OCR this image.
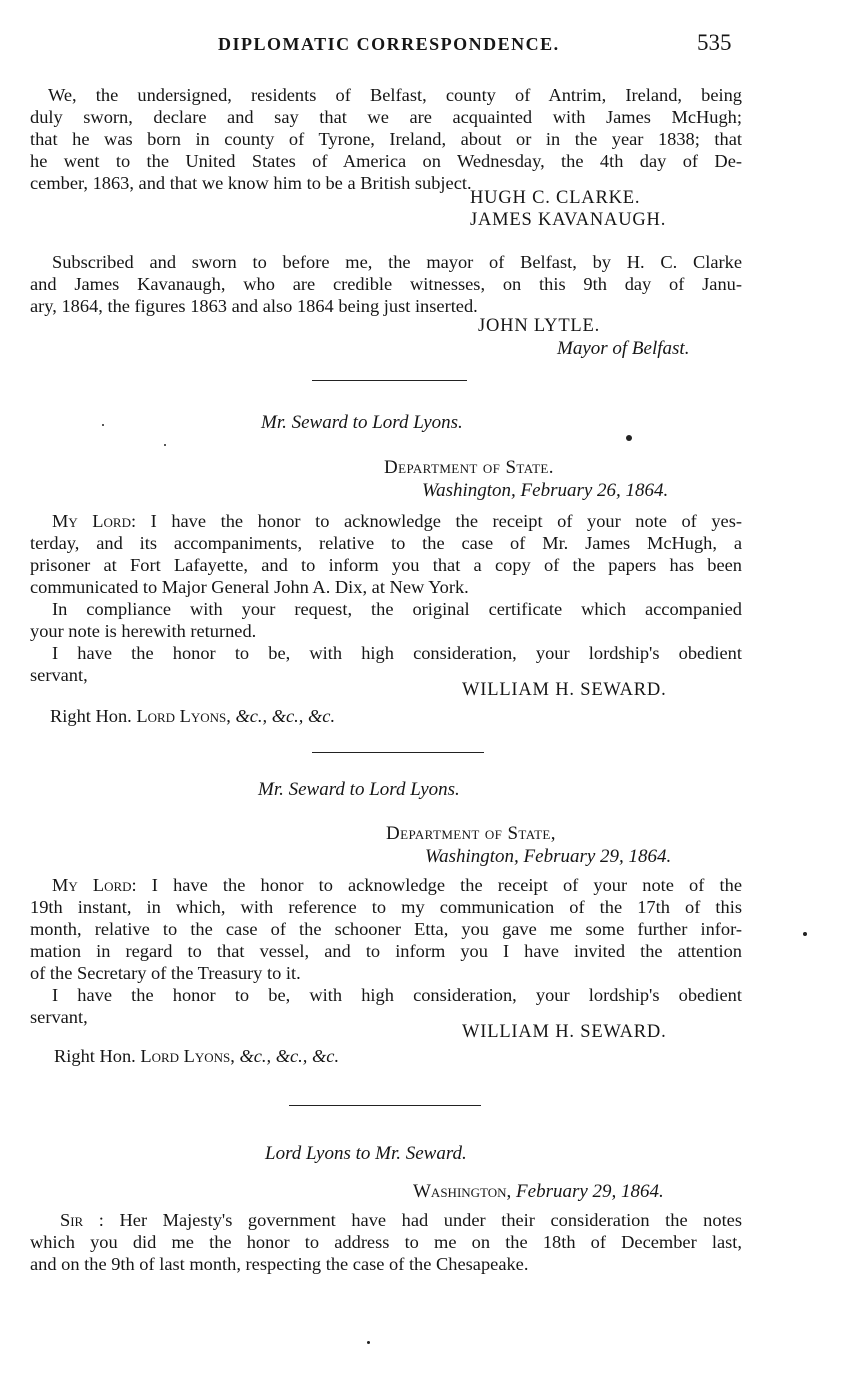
DIPLOMATIC CORRESPONDENCE.	535
We, the undersigned, residents of Belfast, county of Antrim, Ireland, being
duly sworn, declare and say that we are acquainted with James McHugh;
that he was born in county of Tyrone, Ireland, about or in the year 1838; that
he went to the United States of America on Wednesday, the 4th day of De-
cember, 1863, and that we know him to be a British subject.
HUGH C. CLARKE.
JAMES KAVANAUGH.
Subscribed and sworn to before me, the mayor of Belfast, by H. C. Clarke
and James Kavanaugh, who are credible witnesses, on this 9th day of Janu-
ary, 1864, the figures 1863 and also 1864 being just inserted.
JOHN LYTLE.
Mayor of Belfast.
Mr. Seward to Lord Lyons.
Department of State.
Washington, February 26, 1864.
My Lord: I have the honor to acknowledge the receipt of your note of yes-
terday, and its accompaniments, relative to the case of Mr. James McHugh, a
prisoner at Fort Lafayette, and to inform you that a copy of the papers has been
communicated to Major General John A. Dix, at New York.
In compliance with your request, the original certificate which accompanied
your note is herewith returned.
I have the honor to be, with high consideration, your lordship's obedient
servant,
WILLIAM H. SEWARD.
Right Hon. Lord Lyons, &c., &c., &c.
Mr. Seward to Lord Lyons.
Department of State,
Washington, February 29, 1864.
My Lord: I have the honor to acknowledge the receipt of your note of the
19th instant, in which, with reference to my communication of the 17th of this
month, relative to the case of the schooner Etta, you gave me some further infor-
mation in regard to that vessel, and to inform you I have invited the attention
of the Secretary of the Treasury to it.
I have the honor to be, with high consideration, your lordship's obedient
servant,
WILLIAM H. SEWARD.
Right Hon. Lord Lyons, &c., &c., &c.
Lord Lyons to Mr. Seward.
Washington, February 29, 1864.
Sir : Her Majesty's government have had under their consideration the notes
which you did me the honor to address to me on the 18th of December last,
and on the 9th of last month, respecting the case of the Chesapeake.
